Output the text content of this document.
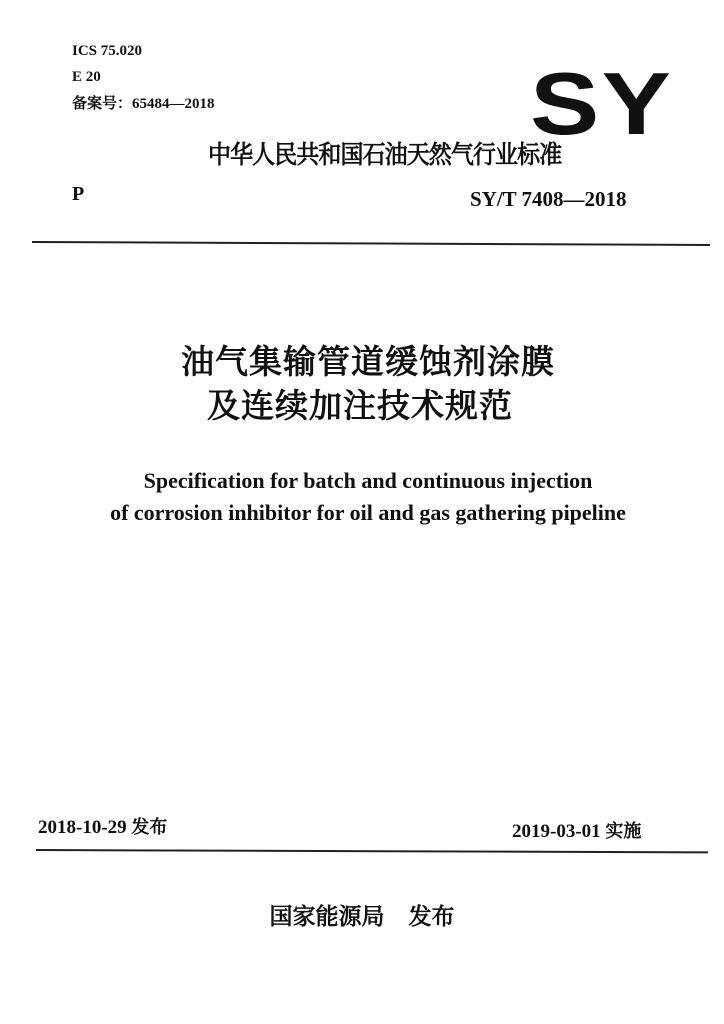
ICS 75.020
E 20
备案号：65484—2018	SY
中华人民共和国石油天然气行业标准
P	SY/T 7408—2018
油气集输管道缓蚀剂涂膜
及连续加注技术规范
Specification for batch and continuous injection
of corrosion inhibitor for oil and gas gathering pipeline
2018-10-29 发布	2019-03-01 实施
国家能源局 发布
